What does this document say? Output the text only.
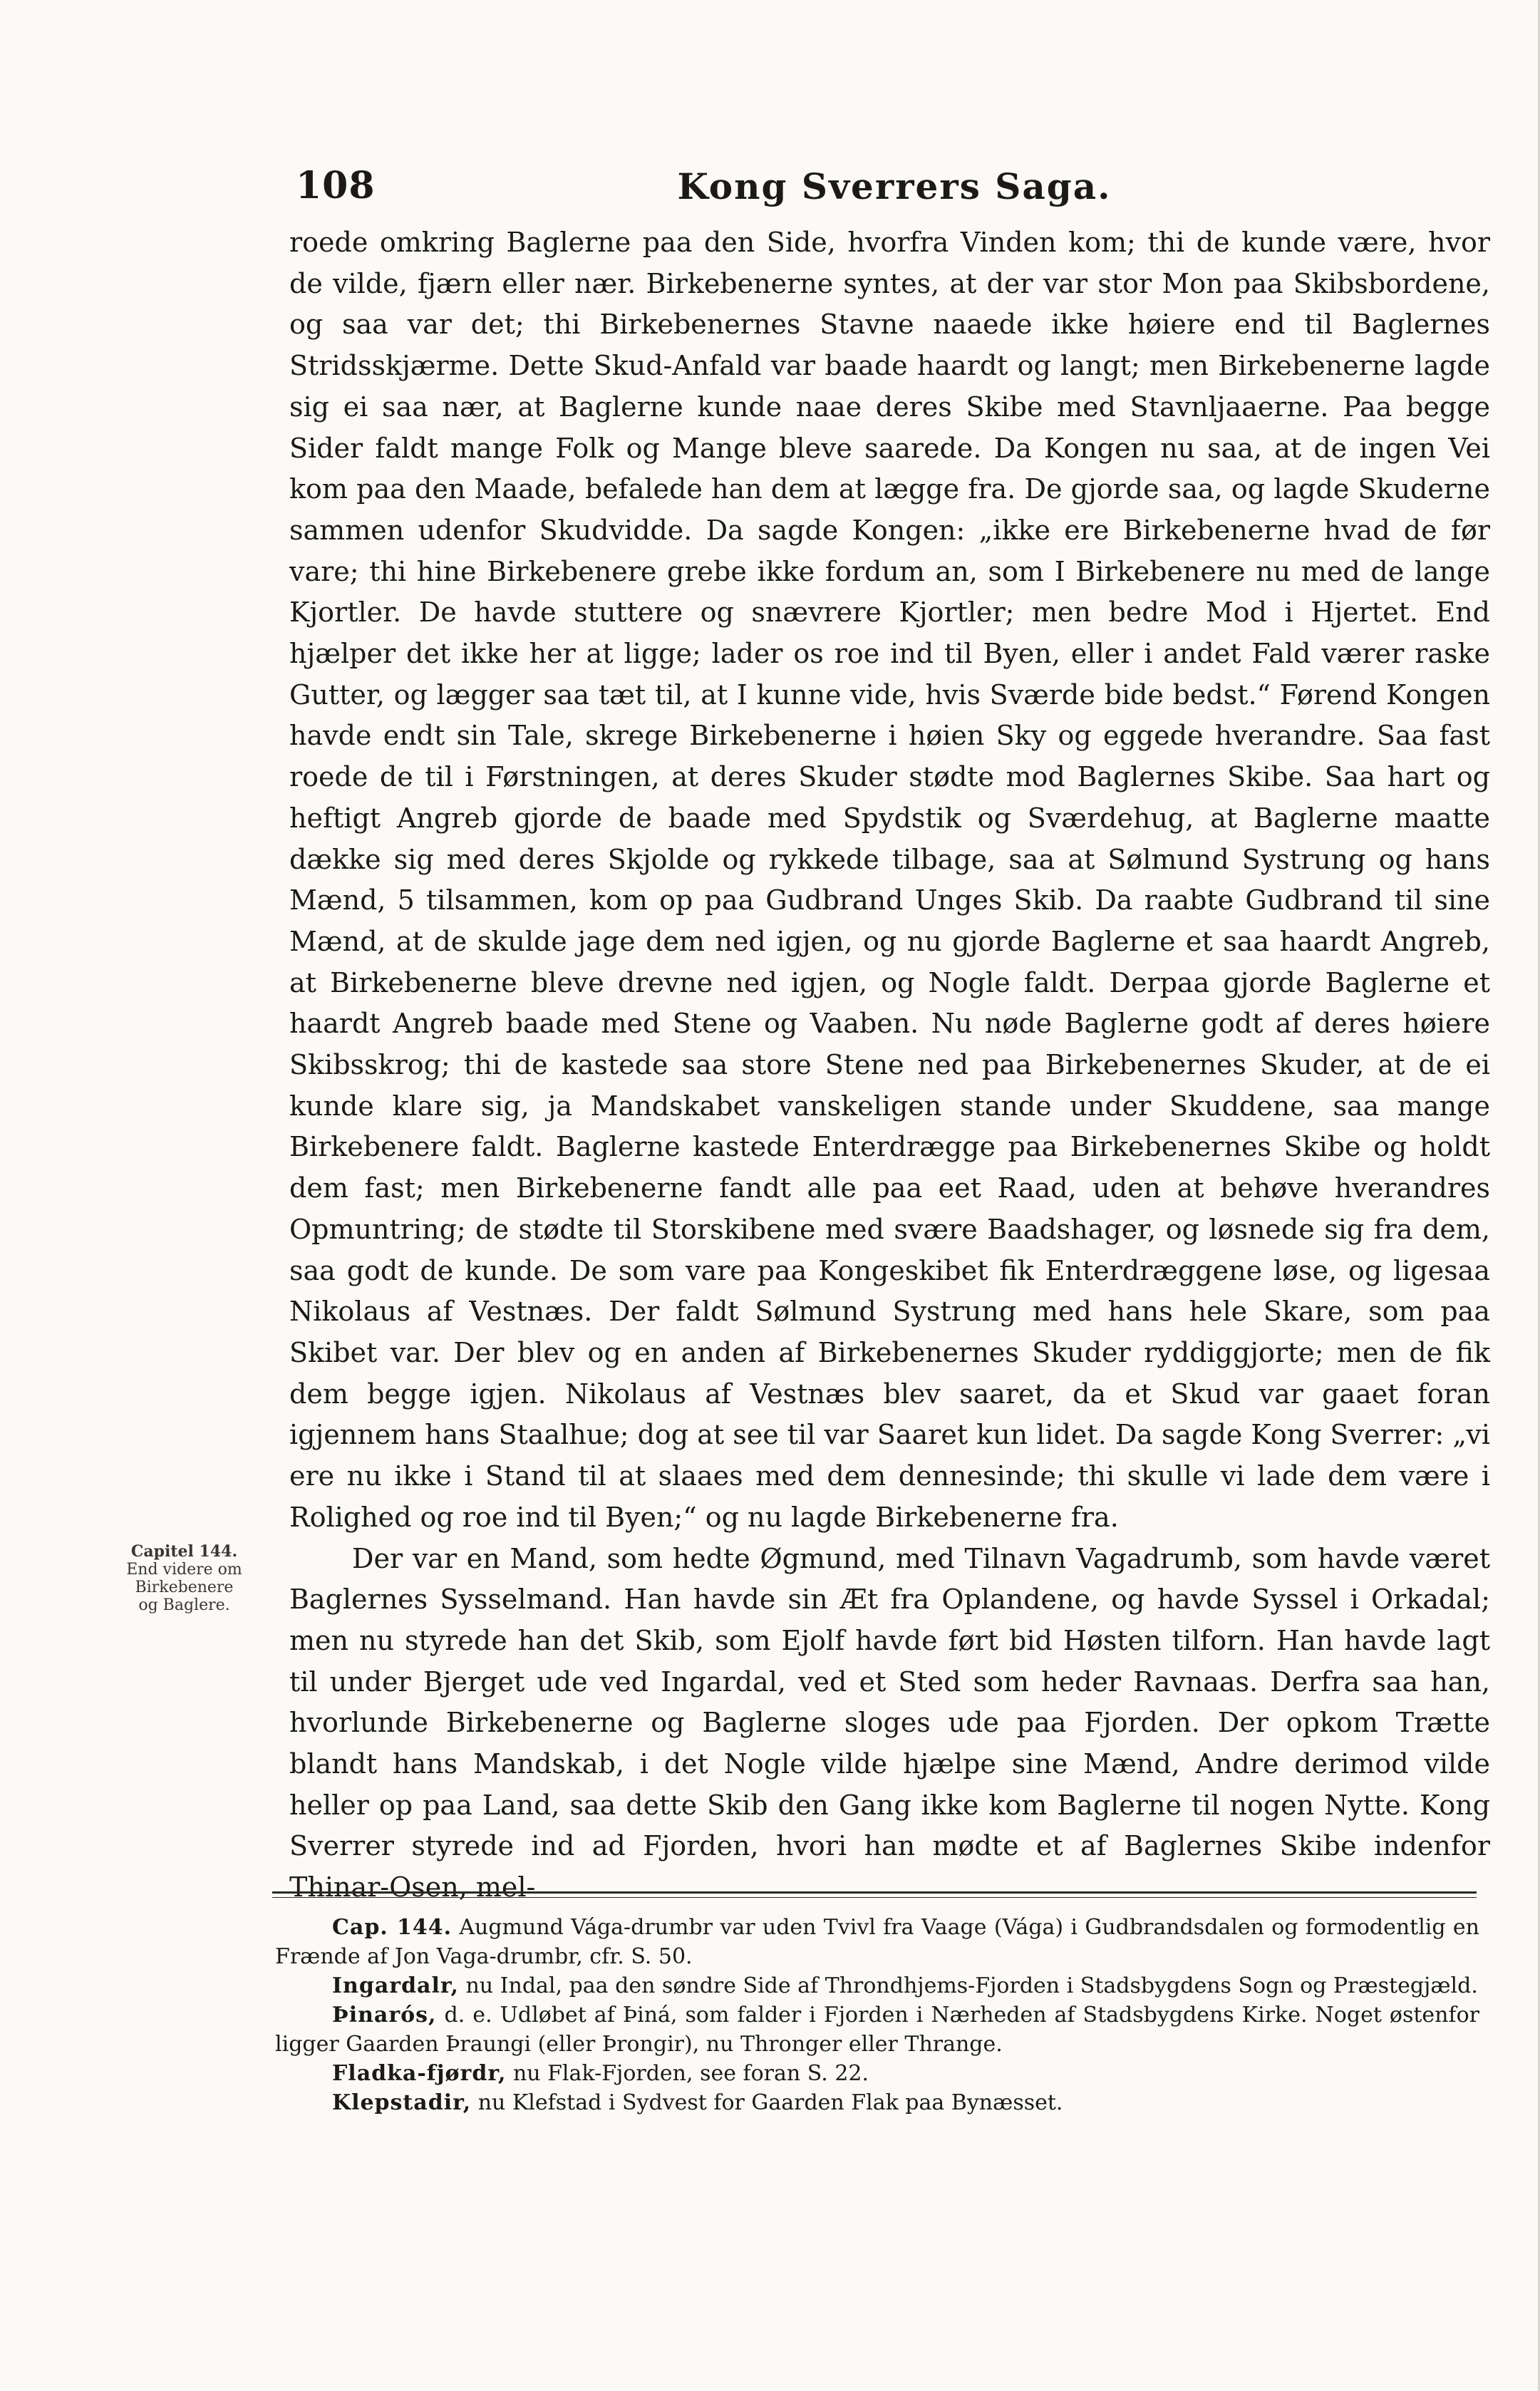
108	Kong Sverrers Saga.

roede omkring Baglerne paa den Side, hvorfra Vinden kom; thi de kunde være, hvor de vilde, fjærn eller nær. Birkebenerne syntes, at der var stor Mon paa Skibsbordene, og saa var det; thi Birkebenernes Stavne naaede ikke høiere end til Baglernes Stridsskjærme. Dette Skud-Anfald var baade haardt og langt; men Birkebenerne lagde sig ei saa nær, at Baglerne kunde naae deres Skibe med Stavnljaaerne. Paa begge Sider faldt mange Folk og Mange bleve saarede. Da Kongen nu saa, at de ingen Vei kom paa den Maade, befalede han dem at lægge fra. De gjorde saa, og lagde Skuderne sammen udenfor Skudvidde. Da sagde Kongen: „ikke ere Birkebenerne hvad de før vare; thi hine Birkebenere grebe ikke fordum an, som I Birkebenere nu med de lange Kjortler. De havde stuttere og snævrere Kjortler; men bedre Mod i Hjertet. End hjælper det ikke her at ligge; lader os roe ind til Byen, eller i andet Fald værer raske Gutter, og lægger saa tæt til, at I kunne vide, hvis Sværde bide bedst.“ Førend Kongen havde endt sin Tale, skrege Birkebenerne i høien Sky og eggede hverandre. Saa fast roede de til i Førstningen, at deres Skuder stødte mod Baglernes Skibe. Saa hart og heftigt Angreb gjorde de baade med Spydstik og Sværdehug, at Baglerne maatte dække sig med deres Skjolde og rykkede tilbage, saa at Sølmund Systrung og hans Mænd, 5 tilsammen, kom op paa Gudbrand Unges Skib. Da raabte Gudbrand til sine Mænd, at de skulde jage dem ned igjen, og nu gjorde Baglerne et saa haardt Angreb, at Birkebenerne bleve drevne ned igjen, og Nogle faldt. Derpaa gjorde Baglerne et haardt Angreb baade med Stene og Vaaben. Nu nøde Baglerne godt af deres høiere Skibsskrog; thi de kastede saa store Stene ned paa Birkebenernes Skuder, at de ei kunde klare sig, ja Mandskabet vanskeligen stande under Skuddene, saa mange Birkebenere faldt. Baglerne kastede Enterdrægge paa Birkebenernes Skibe og holdt dem fast; men Birkebenerne fandt alle paa eet Raad, uden at behøve hverandres Opmuntring; de stødte til Storskibene med svære Baadshager, og løsnede sig fra dem, saa godt de kunde. De som vare paa Kongeskibet fik Enterdræggene løse, og ligesaa Nikolaus af Vestnæs. Der faldt Sølmund Systrung med hans hele Skare, som paa Skibet var. Der blev og en anden af Birkebenernes Skuder ryddiggjorte; men de fik dem begge igjen. Nikolaus af Vestnæs blev saaret, da et Skud var gaaet foran igjennem hans Staalhue; dog at see til var Saaret kun lidet. Da sagde Kong Sverrer: „vi ere nu ikke i Stand til at slaaes med dem dennesinde; thi skulle vi lade dem være i Rolighed og roe ind til Byen;“ og nu lagde Birkebenerne fra.

Capitel 144.
End videre om Birkebenere og Baglere.

Der var en Mand, som hedte Øgmund, med Tilnavn Vagadrumb, som havde været Baglernes Sysselmand. Han havde sin Æt fra Oplandene, og havde Syssel i Orkadal; men nu styrede han det Skib, som Ejolf havde ført bid Høsten tilforn. Han havde lagt til under Bjerget ude ved Ingardal, ved et Sted som heder Ravnaas. Derfra saa han, hvorlunde Birkebenerne og Baglerne sloges ude paa Fjorden. Der opkom Trætte blandt hans Mandskab, i det Nogle vilde hjælpe sine Mænd, Andre derimod vilde heller op paa Land, saa dette Skib den Gang ikke kom Baglerne til nogen Nytte. Kong Sverrer styrede ind ad Fjorden, hvori han mødte et af Baglernes Skibe indenfor Thinar-Osen, mel-

Cap. 144. Augmund Vága-drumbr var uden Tvivl fra Vaage (Vága) i Gudbrandsdalen og formodentlig en Frænde af Jon Vaga-drumbr, cfr. S. 50.

Ingardalr, nu Indal, paa den søndre Side af Throndhjems-Fjorden i Stadsbygdens Sogn og Præstegjæld.

Þinarós, d. e. Udløbet af Þiná, som falder i Fjorden i Nærheden af Stadsbygdens Kirke. Noget østenfor ligger Gaarden Þraungi (eller Þrongir), nu Thronger eller Thrange.

Fladka-fjørdr, nu Flak-Fjorden, see foran S. 22.

Klepstadir, nu Klefstad i Sydvest for Gaarden Flak paa Bynæsset.
